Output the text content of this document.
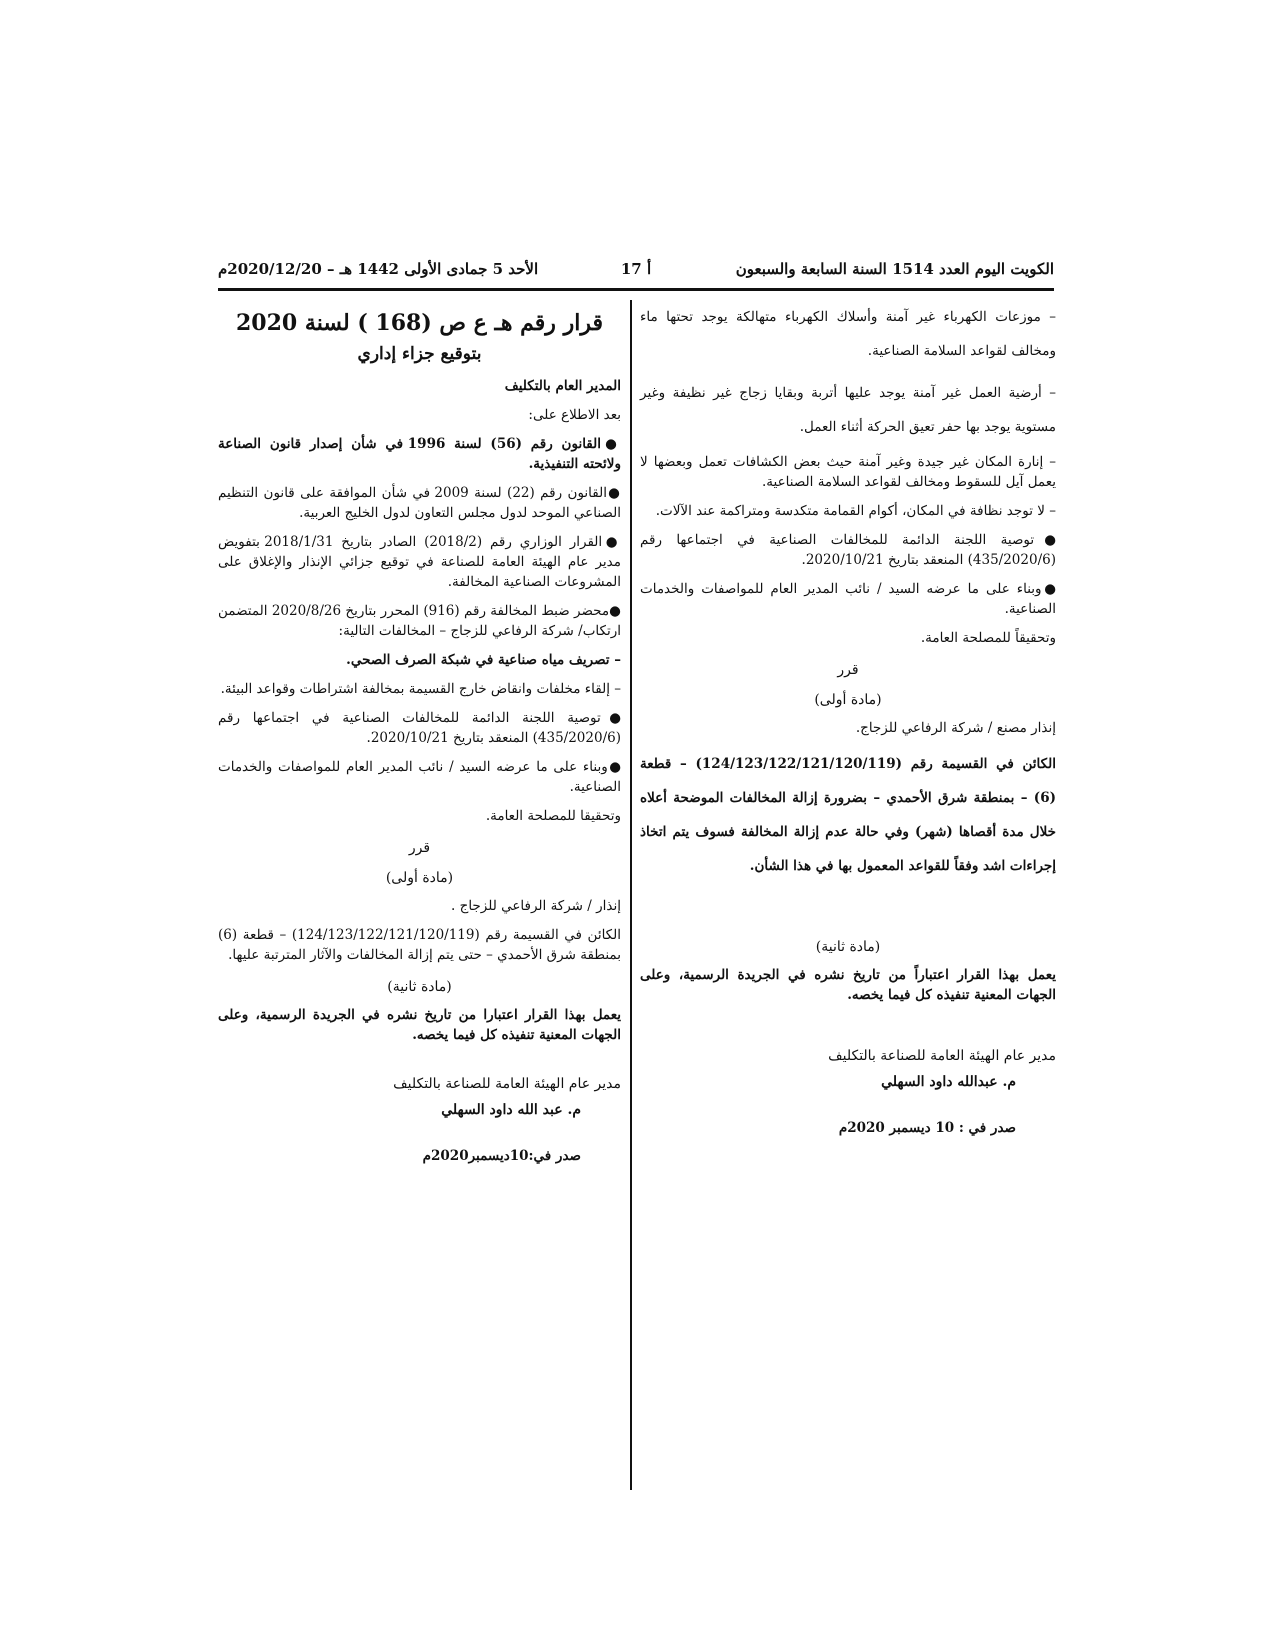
الكويت اليوم العدد 1514 السنة السابعة والسبعون
أ 17
الأحد 5 جمادى الأولى 1442 هـ – 2020/12/20م

– موزعات الكهرباء غير آمنة وأسلاك الكهرباء متهالكة يوجد تحتها ماء ومخالف لقواعد السلامة الصناعية.

– أرضية العمل غير آمنة يوجد عليها أتربة وبقايا زجاج غير نظيفة وغير مستوية يوجد بها حفر تعيق الحركة أثناء العمل.

– إنارة المكان غير جيدة وغير آمنة حيث بعض الكشافات تعمل وبعضها لا يعمل آيل للسقوط ومخالف لقواعد السلامة الصناعية.

– لا توجد نظافة في المكان، أكوام القمامة متكدسة ومتراكمة عند الآلات.

●توصية اللجنة الدائمة للمخالفات الصناعية في اجتماعها رقم (435/2020/6) المنعقد بتاريخ 2020/10/21.

●وبناء على ما عرضه السيد / نائب المدير العام للمواصفات والخدمات الصناعية.

وتحقيقاً للمصلحة العامة.

قرر
(مادة أولى)

إنذار مصنع / شركة الرفاعي للزجاج.

الكائن في القسيمة رقم (124/123/122/121/120/119) – قطعة (6) – بمنطقة شرق الأحمدي – بضرورة إزالة المخالفات الموضحة أعلاه خلال مدة أقصاها (شهر) وفي حالة عدم إزالة المخالفة فسوف يتم اتخاذ إجراءات اشد وفقاً للقواعد المعمول بها في هذا الشأن.

(مادة ثانية)

يعمل بهذا القرار اعتباراً من تاريخ نشره في الجريدة الرسمية، وعلى الجهات المعنية تنفيذه كل فيما يخصه.

مدير عام الهيئة العامة للصناعة بالتكليف

م. عبدالله داود السهلي

صدر في : 10 ديسمبر 2020م
قرار رقم هـ ع ص (168 ) لسنة 2020
بتوقيع جزاء إداري

المدير العام بالتكليف

بعد الاطلاع على:

●القانون رقم (56) لسنة 1996 في شأن إصدار قانون الصناعة ولائحته التنفيذية.

●القانون رقم (22) لسنة 2009 في شأن الموافقة على قانون التنظيم الصناعي الموحد لدول مجلس التعاون لدول الخليج العربية.

●القرار الوزاري رقم (2018/2) الصادر بتاريخ 2018/1/31 بتفويض مدير عام الهيئة العامة للصناعة في توقيع جزائي الإنذار والإغلاق على المشروعات الصناعية المخالفة.

●محضر ضبط المخالفة رقم (916) المحرر بتاريخ 2020/8/26 المتضمن ارتكاب/ شركة الرفاعي للزجاج – المخالفات التالية:

– تصريف مياه صناعية في شبكة الصرف الصحي.

– إلقاء مخلفات وانقاض خارج القسيمة بمخالفة اشتراطات وقواعد البيئة.

●توصية اللجنة الدائمة للمخالفات الصناعية في اجتماعها رقم (435/2020/6) المنعقد بتاريخ 2020/10/21.

●وبناء على ما عرضه السيد / نائب المدير العام للمواصفات والخدمات الصناعية.

وتحقيقا للمصلحة العامة.

قرر
(مادة أولى)

إنذار / شركة الرفاعي للزجاج .

الكائن في القسيمة رقم (124/123/122/121/120/119) – قطعة (6) بمنطقة شرق الأحمدي – حتى يتم إزالة المخالفات والآثار المترتبة عليها.

(مادة ثانية)

يعمل بهذا القرار اعتبارا من تاريخ نشره في الجريدة الرسمية، وعلى الجهات المعنية تنفيذه كل فيما يخصه.

مدير عام الهيئة العامة للصناعة بالتكليف

م. عبد الله داود السهلي

صدر في:10ديسمبر2020م
